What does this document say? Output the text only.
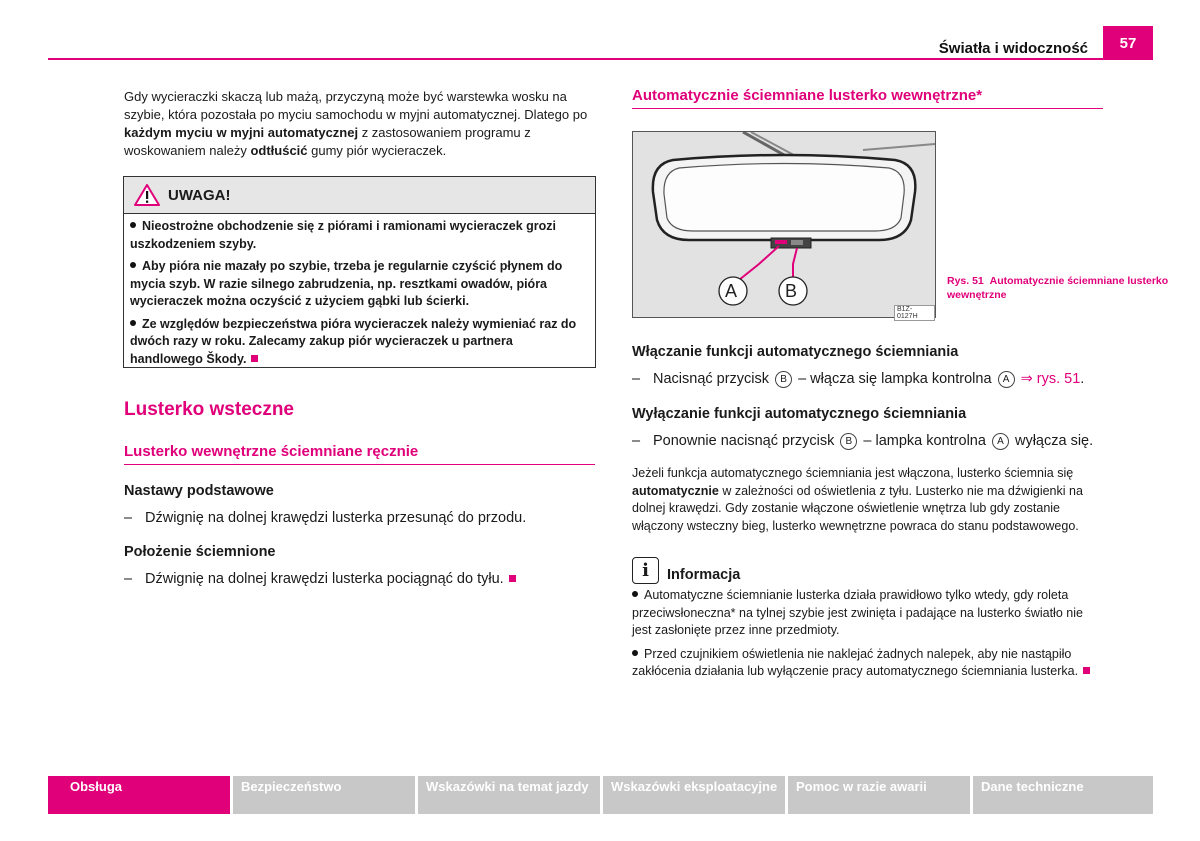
Światła i widoczność	57
Gdy wycieraczki skaczą lub mażą, przyczyną może być warstewka wosku na szybie, która pozostała po myciu samochodu w myjni automatycznej. Dlatego po każdym myciu w myjni automatycznej z zastosowaniem programu z woskowaniem należy odtłuścić gumy piór wycieraczek.
UWAGA!
Nieostrożne obchodzenie się z piórami i ramionami wycieraczek grozi uszkodzeniem szyby.
Aby pióra nie mazały po szybie, trzeba je regularnie czyścić płynem do mycia szyb. W razie silnego zabrudzenia, np. resztkami owadów, pióra wycieraczek można oczyścić z użyciem gąbki lub ścierki.
Ze względów bezpieczeństwa pióra wycieraczek należy wymieniać raz do dwóch razy w roku. Zalecamy zakup piór wycieraczek u partnera handlowego Škody.
Lusterko wsteczne
Lusterko wewnętrzne ściemniane ręcznie
Nastawy podstawowe
– Dźwignię na dolnej krawędzi lusterka przesunąć do przodu.
Położenie ściemnione
– Dźwignię na dolnej krawędzi lusterka pociągnąć do tyłu.
Automatycznie ściemniane lusterko wewnętrzne*
A	B
B1Z-0127H
Rys. 51 Automatycznie ściemniane lusterko wewnętrzne
Włączanie funkcji automatycznego ściemniania
– Nacisnąć przycisk B – włącza się lampka kontrolna A ⇒ rys. 51.
Wyłączanie funkcji automatycznego ściemniania
– Ponownie nacisnąć przycisk B – lampka kontrolna A wyłącza się.
Jeżeli funkcja automatycznego ściemniania jest włączona, lusterko ściemnia się automatycznie w zależności od oświetlenia z tyłu. Lusterko nie ma dźwigienki na dolnej krawędzi. Gdy zostanie włączone oświetlenie wnętrza lub gdy zostanie włączony wsteczny bieg, lusterko wewnętrzne powraca do stanu podstawowego.
i	Informacja
Automatyczne ściemnianie lusterka działa prawidłowo tylko wtedy, gdy roleta przeciwsłoneczna* na tylnej szybie jest zwinięta i padające na lusterko światło nie jest zasłonięte przez inne przedmioty.
Przed czujnikiem oświetlenia nie naklejać żadnych nalepek, aby nie nastąpiło zakłócenia działania lub wyłączenie pracy automatycznego ściemniania lusterka.
Obsługa	Bezpieczeństwo	Wskazówki na temat jazdy	Wskazówki eksploatacyjne	Pomoc w razie awarii	Dane techniczne
